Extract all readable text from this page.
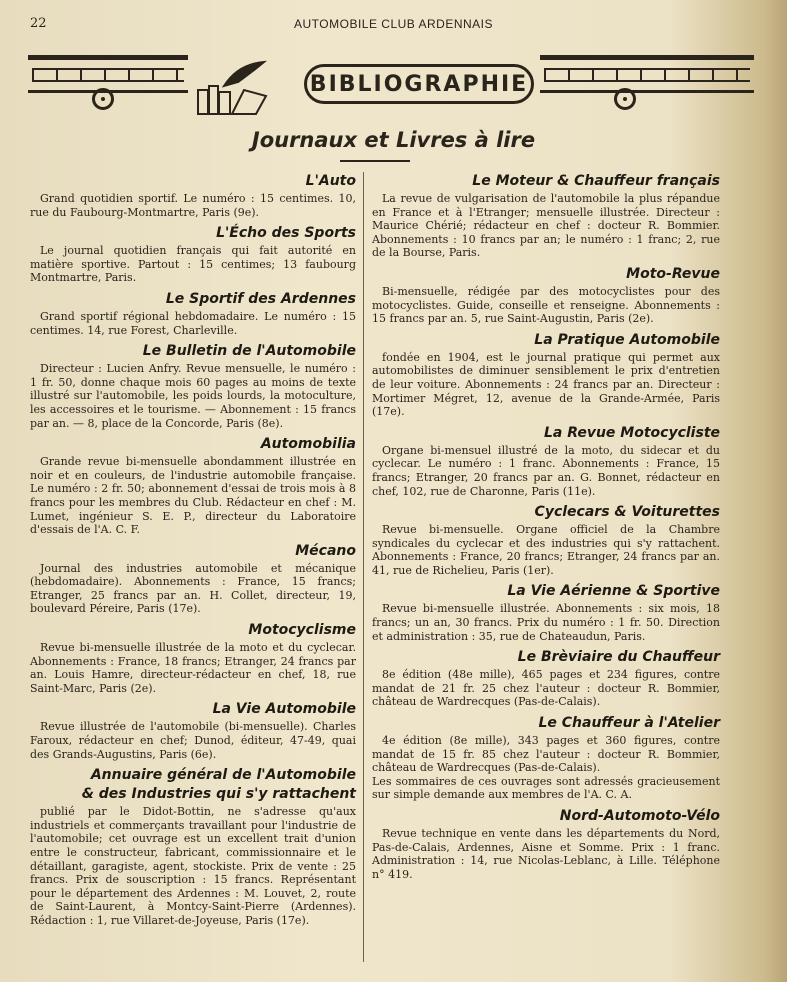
22	AUTOMOBILE CLUB ARDENNAIS
BIBLIOGRAPHIE
Journaux et Livres à lire
L'Auto

Grand quotidien sportif. Le numéro : 15 centimes. 10, rue du Faubourg-Montmartre, Paris (9e).

L'Écho des Sports

Le journal quotidien français qui fait autorité en matière sportive. Partout : 15 centimes; 13 faubourg Montmartre, Paris.

Le Sportif des Ardennes

Grand sportif régional hebdomadaire. Le numéro : 15 centimes. 14, rue Forest, Charleville.

Le Bulletin de l'Automobile

Directeur : Lucien Anfry. Revue mensuelle, le numéro : 1 fr. 50, donne chaque mois 60 pages au moins de texte illustré sur l'automobile, les poids lourds, la motoculture, les accessoires et le tourisme. — Abonnement : 15 francs par an. — 8, place de la Concorde, Paris (8e).

Automobilia

Grande revue bi-mensuelle abondamment illustrée en noir et en couleurs, de l'industrie automobile française. Le numéro : 2 fr. 50; abonnement d'essai de trois mois à 8 francs pour les membres du Club. Rédacteur en chef : M. Lumet, ingénieur S. E. P., directeur du Laboratoire d'essais de l'A. C. F.

Mécano

Journal des industries automobile et mécanique (hebdomadaire). Abonnements : France, 15 francs; Etranger, 25 francs par an. H. Collet, directeur, 19, boulevard Péreire, Paris (17e).

Motocyclisme

Revue bi-mensuelle illustrée de la moto et du cyclecar. Abonnements : France, 18 francs; Etranger, 24 francs par an. Louis Hamre, directeur-rédacteur en chef, 18, rue Saint-Marc, Paris (2e).

La Vie Automobile

Revue illustrée de l'automobile (bi-mensuelle). Charles Faroux, rédacteur en chef; Dunod, éditeur, 47-49, quai des Grands-Augustins, Paris (6e).

Annuaire général de l'Automobile
& des Industries qui s'y rattachent

publié par le Didot-Bottin, ne s'adresse qu'aux industriels et commerçants travaillant pour l'industrie de l'automobile; cet ouvrage est un excellent trait d'union entre le constructeur, fabricant, commissionnaire et le détaillant, garagiste, agent, stockiste. Prix de vente : 25 francs. Prix de souscription : 15 francs. Représentant pour le département des Ardennes : M. Louvet, 2, route de Saint-Laurent, à Montcy-Saint-Pierre (Ardennes). Rédaction : 1, rue Villaret-de-Joyeuse, Paris (17e).

Le Moteur & Chauffeur français

La revue de vulgarisation de l'automobile la plus répandue en France et à l'Etranger; mensuelle illustrée. Directeur : Maurice Chérié; rédacteur en chef : docteur R. Bommier. Abonnements : 10 francs par an; le numéro : 1 franc; 2, rue de la Bourse, Paris.

Moto-Revue

Bi-mensuelle, rédigée par des motocyclistes pour des motocyclistes. Guide, conseille et renseigne. Abonnements : 15 francs par an. 5, rue Saint-Augustin, Paris (2e).

La Pratique Automobile

fondée en 1904, est le journal pratique qui permet aux automobilistes de diminuer sensiblement le prix d'entretien de leur voiture. Abonnements : 24 francs par an. Directeur : Mortimer Mégret, 12, avenue de la Grande-Armée, Paris (17e).

La Revue Motocycliste

Organe bi-mensuel illustré de la moto, du sidecar et du cyclecar. Le numéro : 1 franc. Abonnements : France, 15 francs; Etranger, 20 francs par an. G. Bonnet, rédacteur en chef, 102, rue de Charonne, Paris (11e).

Cyclecars & Voiturettes

Revue bi-mensuelle. Organe officiel de la Chambre syndicales du cyclecar et des industries qui s'y rattachent. Abonnements : France, 20 francs; Etranger, 24 francs par an. 41, rue de Richelieu, Paris (1er).

La Vie Aérienne & Sportive

Revue bi-mensuelle illustrée. Abonnements : six mois, 18 francs; un an, 30 francs. Prix du numéro : 1 fr. 50. Direction et administration : 35, rue de Chateaudun, Paris.

Le Brèviaire du Chauffeur

8e édition (48e mille), 465 pages et 234 figures, contre mandat de 21 fr. 25 chez l'auteur : docteur R. Bommier, château de Wardrecques (Pas-de-Calais).

Le Chauffeur à l'Atelier

4e édition (8e mille), 343 pages et 360 figures, contre mandat de 15 fr. 85 chez l'auteur : docteur R. Bommier, château de Wardrecques (Pas-de-Calais).
Les sommaires de ces ouvrages sont adressés gracieusement sur simple demande aux membres de l'A. C. A.

Nord-Automoto-Vélo

Revue technique en vente dans les départements du Nord, Pas-de-Calais, Ardennes, Aisne et Somme. Prix : 1 franc. Administration : 14, rue Nicolas-Leblanc, à Lille. Téléphone n° 419.
